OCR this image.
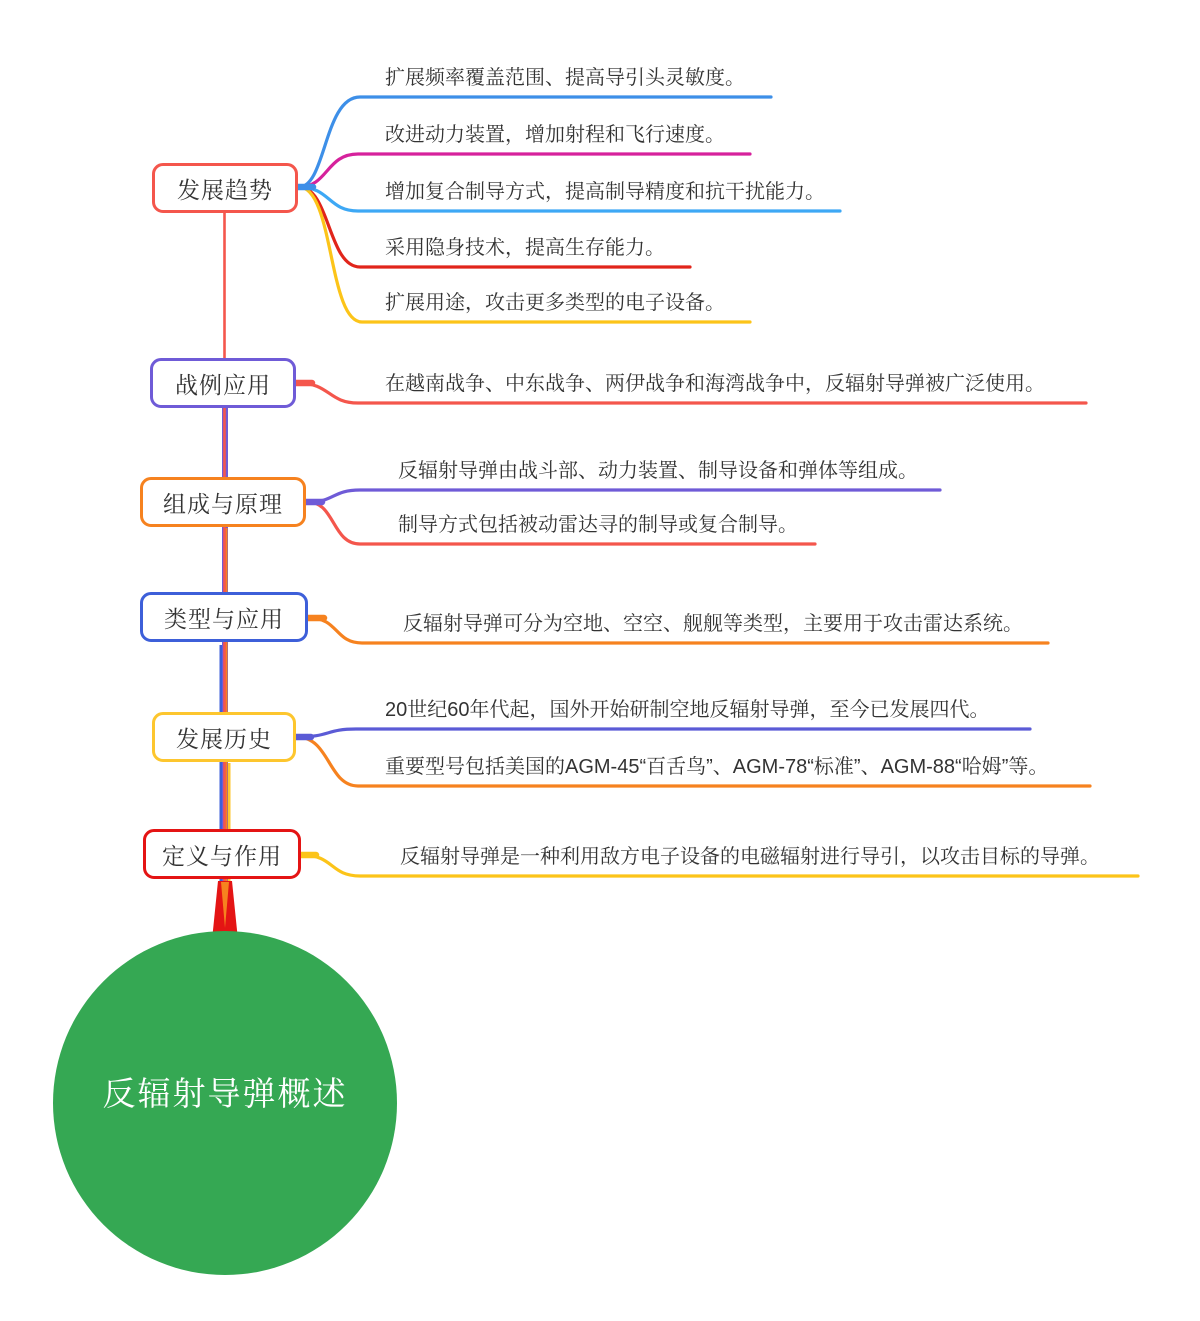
发展趋势
战例应用
组成与原理
类型与应用
发展历史
定义与作用
扩展频率覆盖范围、提高导引头灵敏度。
改进动力装置，增加射程和飞行速度。
增加复合制导方式，提高制导精度和抗干扰能力。
采用隐身技术，提高生存能力。
扩展用途，攻击更多类型的电子设备。
在越南战争、中东战争、两伊战争和海湾战争中，反辐射导弹被广泛使用。
反辐射导弹由战斗部、动力装置、制导设备和弹体等组成。
制导方式包括被动雷达寻的制导或复合制导。
反辐射导弹可分为空地、空空、舰舰等类型，主要用于攻击雷达系统。
20世纪60年代起，国外开始研制空地反辐射导弹，至今已发展四代。
重要型号包括美国的AGM-45“百舌鸟”、AGM-78“标准”、AGM-88“哈姆”等。
反辐射导弹是一种利用敌方电子设备的电磁辐射进行导引，以攻击目标的导弹。
反辐射导弹概述
